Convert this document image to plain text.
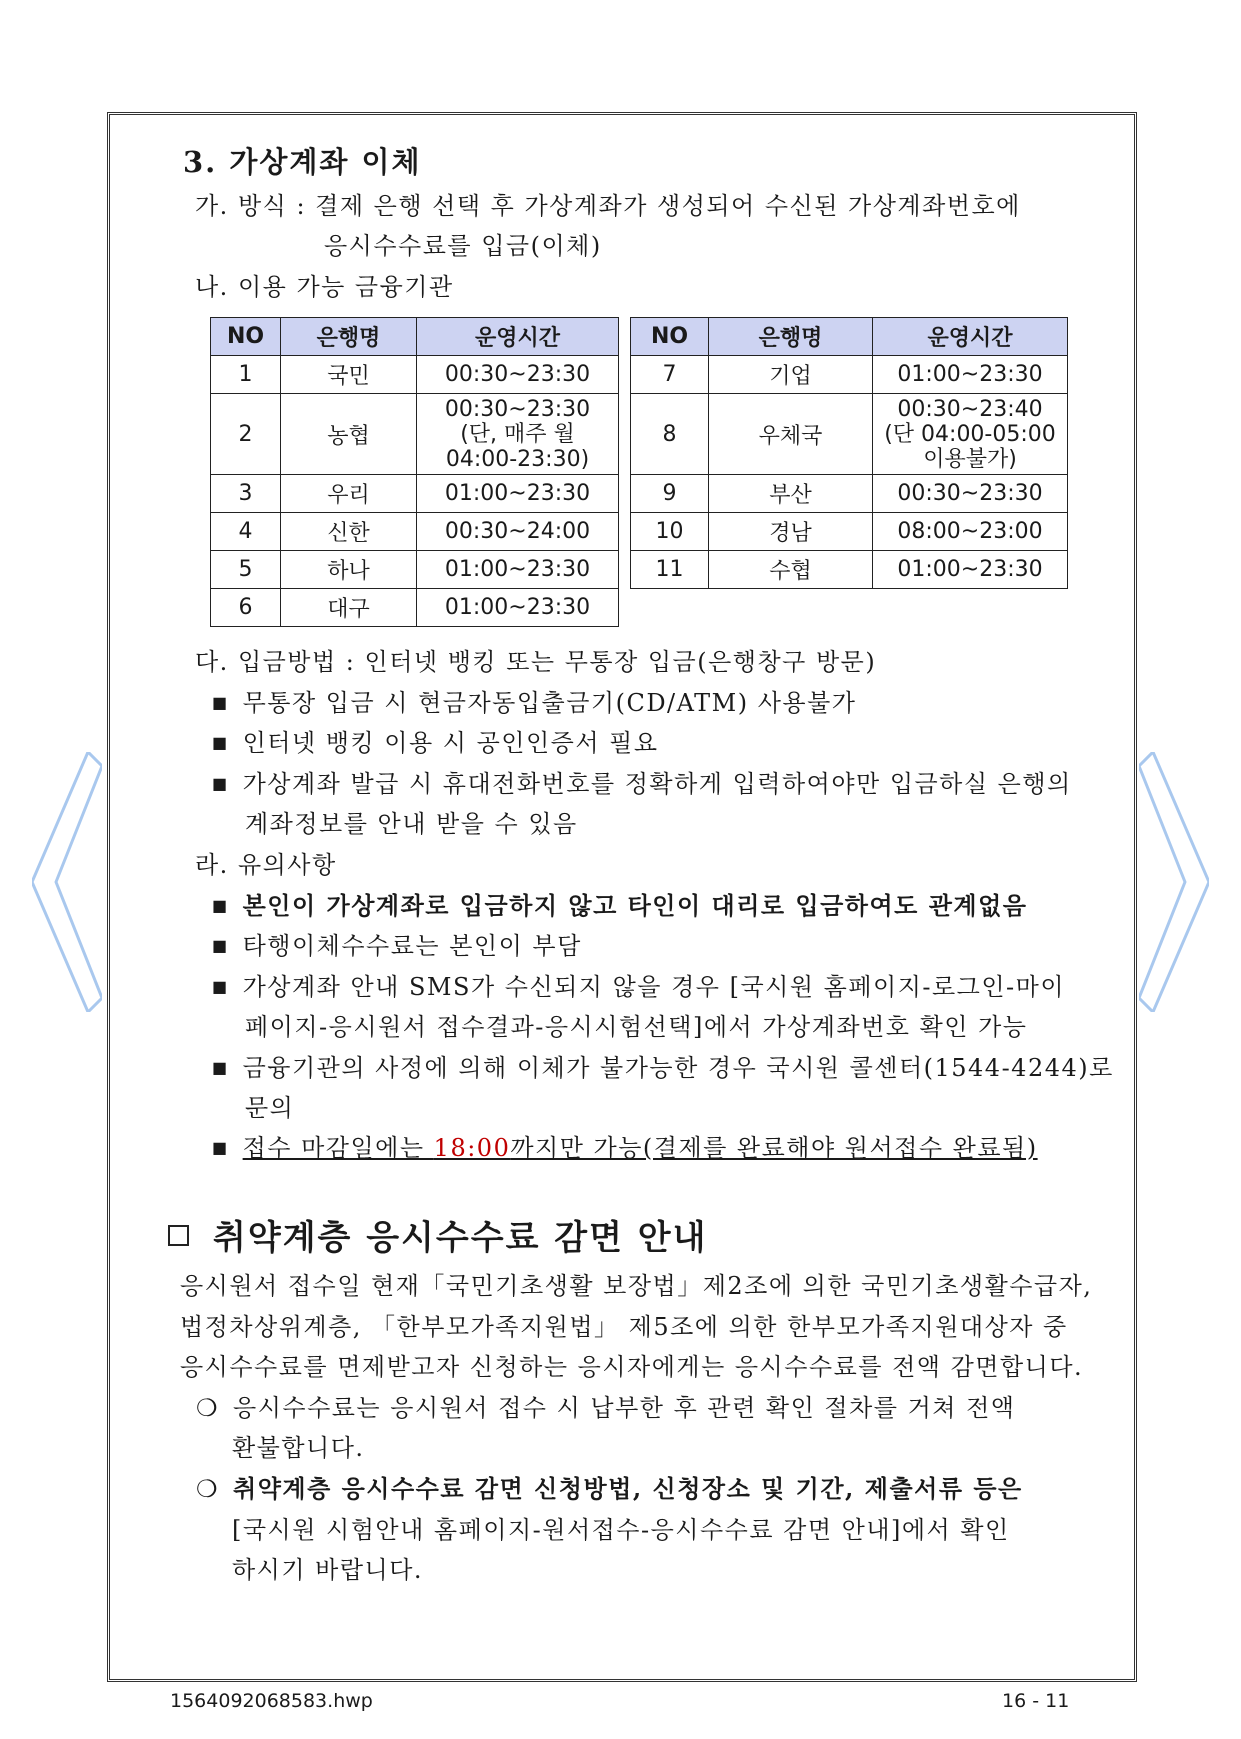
3. 가상계좌 이체
가. 방식 : 결제 은행 선택 후 가상계좌가 생성되어 수신된 가상계좌번호에
응시수수료를 입금(이체)
나. 이용 가능 금융기관
NO	은행명	운영시간
1	국민	00:30~23:30
2	농협	00:30~23:30
(단, 매주 월
04:00-23:30)

3	우리	01:00~23:30
4	신한	00:30~24:00
5	하나	01:00~23:30
6	대구	01:00~23:30
NO	은행명	운영시간
7	기업	01:00~23:30
8	우체국	00:30~23:40
(단 04:00-05:00
이용불가)

9	부산	00:30~23:30
10	경남	08:00~23:00
11	수협	01:00~23:30
다. 입금방법 : 인터넷 뱅킹 또는 무통장 입금(은행창구 방문)
■ 무통장 입금 시 현금자동입출금기(CD/ATM) 사용불가
■ 인터넷 뱅킹 이용 시 공인인증서 필요
■ 가상계좌 발급 시 휴대전화번호를 정확하게 입력하여야만 입금하실 은행의
계좌정보를 안내 받을 수 있음
라. 유의사항
■ 본인이 가상계좌로 입금하지 않고 타인이 대리로 입금하여도 관계없음
■ 타행이체수수료는 본인이 부담
■ 가상계좌 안내 SMS가 수신되지 않을 경우 [국시원 홈페이지-로그인-마이
페이지-응시원서 접수결과-응시시험선택]에서 가상계좌번호 확인 가능
■ 금융기관의 사정에 의해 이체가 불가능한 경우 국시원 콜센터(1544-4244)로
문의
■ 접수 마감일에는 18:00까지만 가능(결제를 완료해야 원서접수 완료됨)
취약계층 응시수수료 감면 안내
응시원서 접수일 현재「국민기초생활 보장법」제2조에 의한 국민기초생활수급자,
법정차상위계층, 「한부모가족지원법」 제5조에 의한 한부모가족지원대상자 중
응시수수료를 면제받고자 신청하는 응시자에게는 응시수수료를 전액 감면합니다.
❍ 응시수수료는 응시원서 접수 시 납부한 후 관련 확인 절차를 거쳐 전액
환불합니다.
❍ 취약계층 응시수수료 감면 신청방법, 신청장소 및 기간, 제출서류 등은
[국시원 시험안내 홈페이지-원서접수-응시수수료 감면 안내]에서 확인
하시기 바랍니다.
1564092068583.hwp	16 - 11
